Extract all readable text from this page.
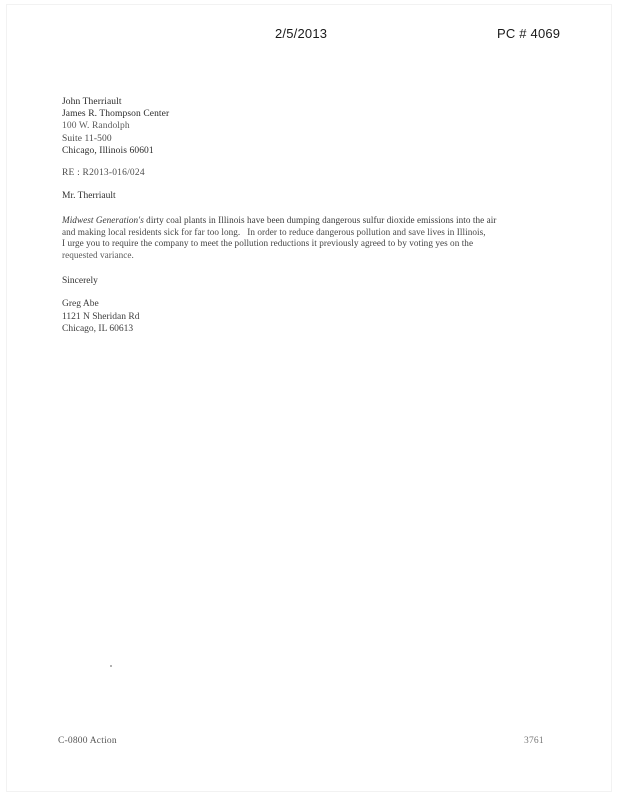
2/5/2013	PC # 4069
John Therriault
James R. Thompson Center
100 W. Randolph
Suite 11-500
Chicago, Illinois 60601
RE : R2013-016/024
Mr. Therriault
Midwest Generation's dirty coal plants in Illinois have been dumping dangerous sulfur dioxide emissions into the air
and making local residents sick for far too long.   In order to reduce dangerous pollution and save lives in Illinois,
I urge you to require the company to meet the pollution reductions it previously agreed to by voting yes on the
requested variance.
Sincerely
Greg Abe
1121 N Sheridan Rd
Chicago, IL 60613
C-0800 Action	3761
